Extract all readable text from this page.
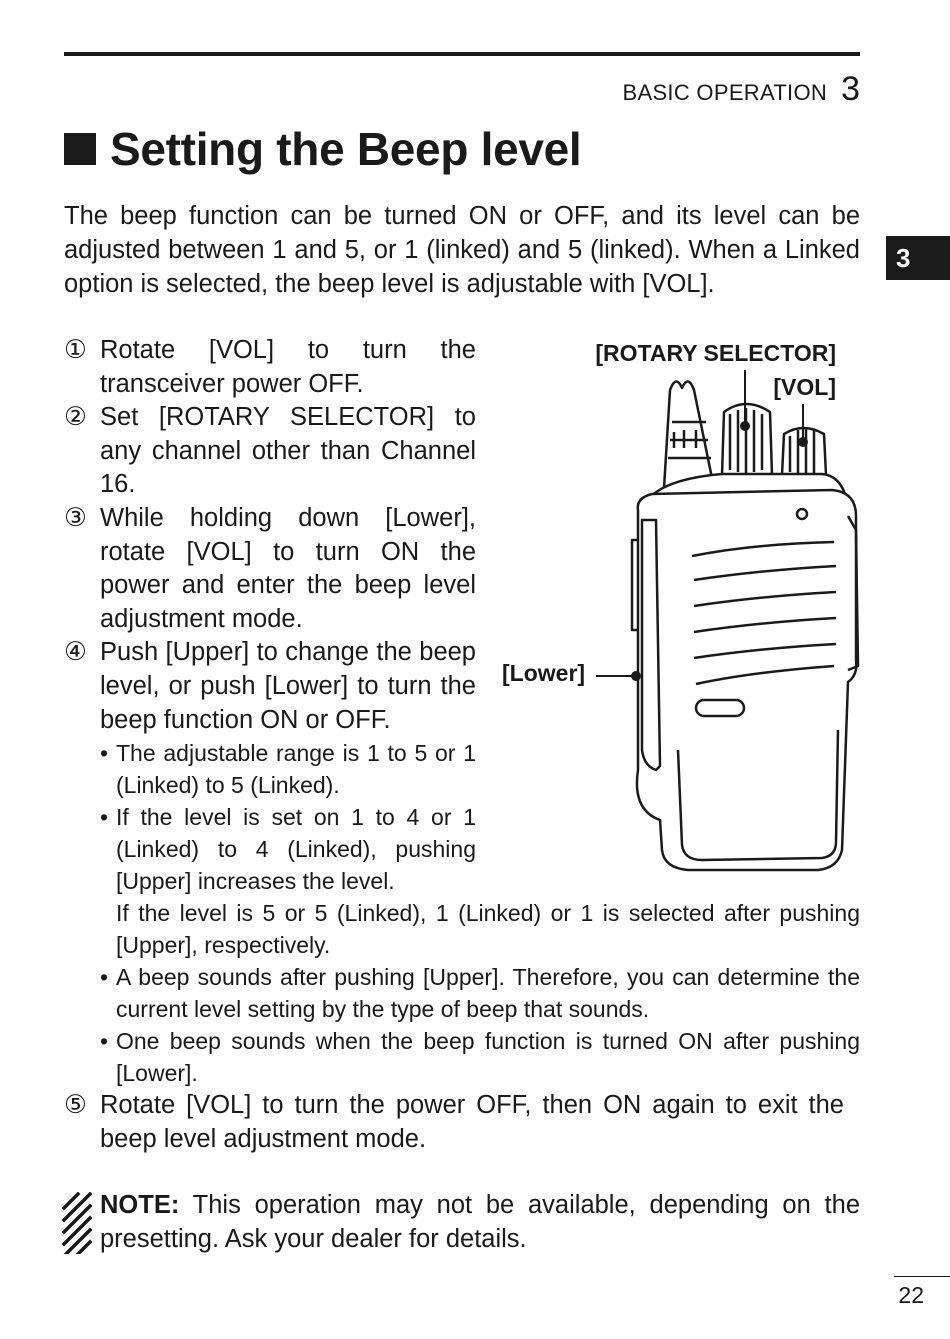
BASIC OPERATION 3
3
Setting the Beep level

The beep function can be turned ON or OFF, and its level can be adjusted between 1 and 5, or 1 (linked) and 5 (linked). When a Linked option is selected, the beep level is adjustable with [VOL].

① Rotate [VOL] to turn the transceiver power OFF.

② Set [ROTARY SELECTOR] to any channel other than Channel 16.

③ While holding down [Lower], rotate [VOL] to turn ON the power and enter the beep level adjustment mode.

④ Push [Upper] to change the beep level, or push [Lower] to turn the beep function ON or OFF.

• The adjustable range is 1 to 5 or 1 (Linked) to 5 (Linked).

• If the level is set on 1 to 4 or 1 (Linked) to 4 (Linked), pushing [Upper] increases the level.

If the level is 5 or 5 (Linked), 1 (Linked) or 1 is selected after pushing [Upper], respectively.

• A beep sounds after pushing [Upper]. Therefore, you can determine the current level setting by the type of beep that sounds.

• One beep sounds when the beep function is turned ON after pushing [Lower].

⑤ Rotate [VOL] to turn the power OFF, then ON again to exit the beep level adjustment mode.

[ROTARY SELECTOR]
[VOL]
[Lower]

NOTE: This operation may not be available, depending on the presetting. Ask your dealer for details.

22
